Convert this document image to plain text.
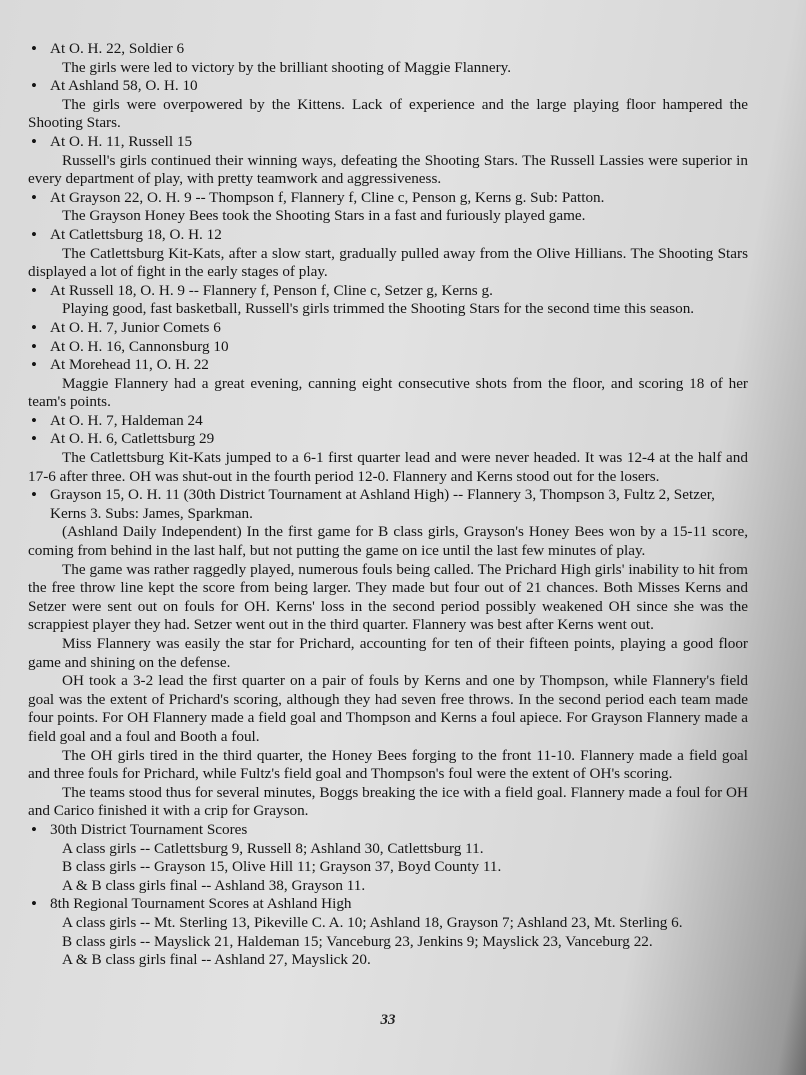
• At O. H. 22, Soldier 6
The girls were led to victory by the brilliant shooting of Maggie Flannery.
• At Ashland 58, O. H. 10
The girls were overpowered by the Kittens. Lack of experience and the large playing floor hampered the Shooting Stars.
• At O. H. 11, Russell 15
Russell's girls continued their winning ways, defeating the Shooting Stars. The Russell Lassies were superior in every department of play, with pretty teamwork and aggressiveness.
• At Grayson 22, O. H. 9 -- Thompson f, Flannery f, Cline c, Penson g, Kerns g. Sub: Patton.
The Grayson Honey Bees took the Shooting Stars in a fast and furiously played game.
• At Catlettsburg 18, O. H. 12
The Catlettsburg Kit-Kats, after a slow start, gradually pulled away from the Olive Hillians. The Shooting Stars displayed a lot of fight in the early stages of play.
• At Russell 18, O. H. 9 -- Flannery f, Penson f, Cline c, Setzer g, Kerns g.
Playing good, fast basketball, Russell's girls trimmed the Shooting Stars for the second time this season.
• At O. H. 7, Junior Comets 6
• At O. H. 16, Cannonsburg 10
• At Morehead 11, O. H. 22
Maggie Flannery had a great evening, canning eight consecutive shots from the floor, and scoring 18 of her team's points.
• At O. H. 7, Haldeman 24
• At O. H. 6, Catlettsburg 29
The Catlettsburg Kit-Kats jumped to a 6-1 first quarter lead and were never headed. It was 12-4 at the half and 17-6 after three. OH was shut-out in the fourth period 12-0. Flannery and Kerns stood out for the losers.
• Grayson 15, O. H. 11 (30th District Tournament at Ashland High) -- Flannery 3, Thompson 3, Fultz 2, Setzer, Kerns 3. Subs: James, Sparkman.
(Ashland Daily Independent) In the first game for B class girls, Grayson's Honey Bees won by a 15-11 score, coming from behind in the last half, but not putting the game on ice until the last few minutes of play.
The game was rather raggedly played, numerous fouls being called. The Prichard High girls' inability to hit from the free throw line kept the score from being larger. They made but four out of 21 chances. Both Misses Kerns and Setzer were sent out on fouls for OH. Kerns' loss in the second period possibly weakened OH since she was the scrappiest player they had. Setzer went out in the third quarter. Flannery was best after Kerns went out.
Miss Flannery was easily the star for Prichard, accounting for ten of their fifteen points, playing a good floor game and shining on the defense.
OH took a 3-2 lead the first quarter on a pair of fouls by Kerns and one by Thompson, while Flannery's field goal was the extent of Prichard's scoring, although they had seven free throws. In the second period each team made four points. For OH Flannery made a field goal and Thompson and Kerns a foul apiece. For Grayson Flannery made a field goal and a foul and Booth a foul.
The OH girls tired in the third quarter, the Honey Bees forging to the front 11-10. Flannery made a field goal and three fouls for Prichard, while Fultz's field goal and Thompson's foul were the extent of OH's scoring.
The teams stood thus for several minutes, Boggs breaking the ice with a field goal. Flannery made a foul for OH and Carico finished it with a crip for Grayson.
• 30th District Tournament Scores
A class girls -- Catlettsburg 9, Russell 8; Ashland 30, Catlettsburg 11.
B class girls -- Grayson 15, Olive Hill 11; Grayson 37, Boyd County 11.
A & B class girls final -- Ashland 38, Grayson 11.
• 8th Regional Tournament Scores at Ashland High
A class girls -- Mt. Sterling 13, Pikeville C. A. 10; Ashland 18, Grayson 7; Ashland 23, Mt. Sterling 6.
B class girls -- Mayslick 21, Haldeman 15; Vanceburg 23, Jenkins 9; Mayslick 23, Vanceburg 22.
A & B class girls final -- Ashland 27, Mayslick 20.
33
